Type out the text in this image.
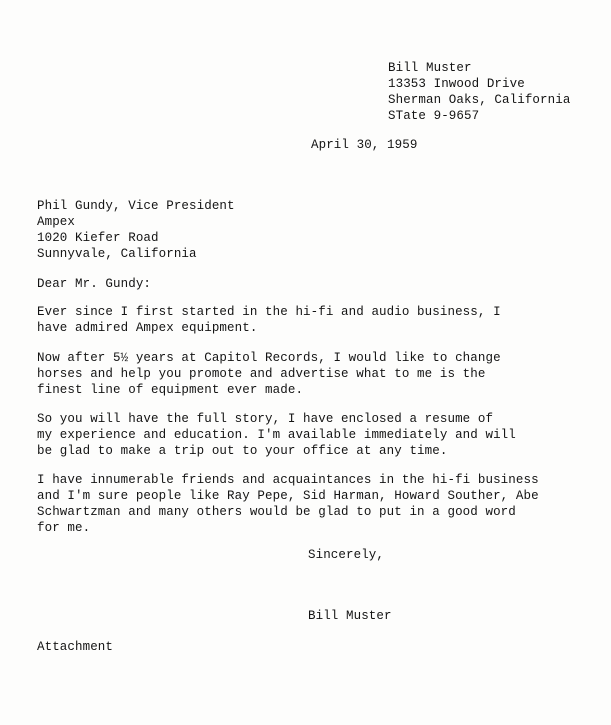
Bill Muster
13353 Inwood Drive
Sherman Oaks, California
STate 9-9657
April 30, 1959
Phil Gundy, Vice President
Ampex
1020 Kiefer Road
Sunnyvale, California
Dear Mr. Gundy:
Ever since I first started in the hi-fi and audio business, I
have admired Ampex equipment.
Now after 5½ years at Capitol Records, I would like to change
horses and help you promote and advertise what to me is the
finest line of equipment ever made.
So you will have the full story, I have enclosed a resume of
my experience and education. I'm available immediately and will
be glad to make a trip out to your office at any time.
I have innumerable friends and acquaintances in the hi-fi business
and I'm sure people like Ray Pepe, Sid Harman, Howard Souther, Abe
Schwartzman and many others would be glad to put in a good word
for me.
Sincerely,
Bill Muster
Attachment
